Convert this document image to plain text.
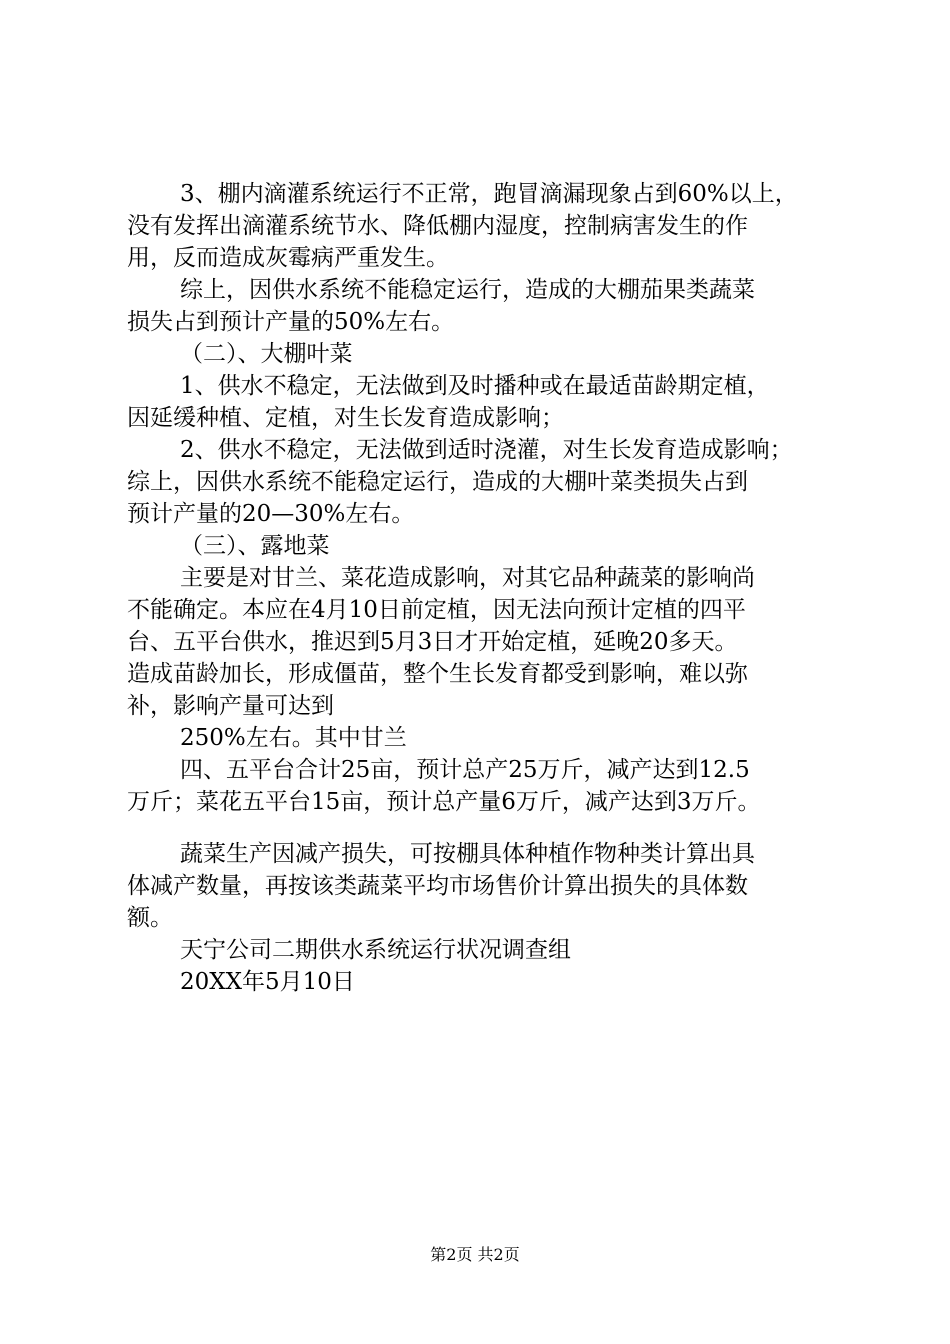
3、棚内滴灌系统运行不正常，跑冒滴漏现象占到60%以上，
没有发挥出滴灌系统节水、降低棚内湿度，控制病害发生的作
用，反而造成灰霉病严重发生。
综上，因供水系统不能稳定运行，造成的大棚茄果类蔬菜
损失占到预计产量的50%左右。
（二）、大棚叶菜
1、供水不稳定，无法做到及时播种或在最适苗龄期定植，
因延缓种植、定植，对生长发育造成影响；
2、供水不稳定，无法做到适时浇灌，对生长发育造成影响；
综上，因供水系统不能稳定运行，造成的大棚叶菜类损失占到
预计产量的20—30%左右。
（三）、露地菜
主要是对甘兰、菜花造成影响，对其它品种蔬菜的影响尚
不能确定。本应在4月10日前定植，因无法向预计定植的四平
台、五平台供水，推迟到5月3日才开始定植，延晚20多天。
造成苗龄加长，形成僵苗，整个生长发育都受到影响，难以弥
补，影响产量可达到
250%左右。其中甘兰
四、五平台合计25亩，预计总产25万斤，减产达到12.5
万斤；菜花五平台15亩，预计总产量6万斤，减产达到3万斤。
蔬菜生产因减产损失，可按棚具体种植作物种类计算出具
体减产数量，再按该类蔬菜平均市场售价计算出损失的具体数
额。
天宁公司二期供水系统运行状况调查组
20XX年5月10日
第2页 共2页
